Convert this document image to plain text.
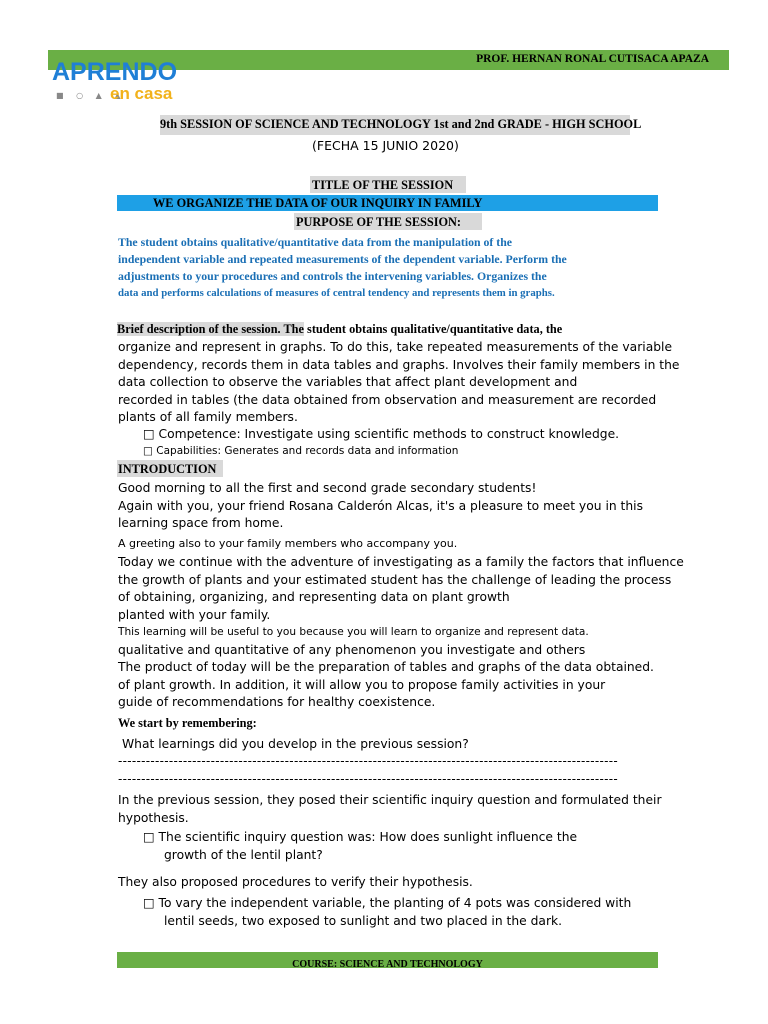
PROF. HERNAN RONAL CUTISACA APAZA
APRENDO
■ ○ ▲ ▲
en casa
9th SESSION OF SCIENCE AND TECHNOLOGY 1st and 2nd GRADE - HIGH SCHOOL
(FECHA 15 JUNIO 2020)
TITLE OF THE SESSION
WE ORGANIZE THE DATA OF OUR INQUIRY IN FAMILY
PURPOSE OF THE SESSION:
The student obtains qualitative/quantitative data from the manipulation of the
independent variable and repeated measurements of the dependent variable. Perform the
adjustments to your procedures and controls the intervening variables. Organizes the
data and performs calculations of measures of central tendency and represents them in graphs.
Brief description of the session. The student obtains qualitative/quantitative data, the
organize and represent in graphs. To do this, take repeated measurements of the variable
dependency, records them in data tables and graphs. Involves their family members in the
data collection to observe the variables that affect plant development and
recorded in tables (the data obtained from observation and measurement are recorded
plants of all family members.
□ Competence: Investigate using scientific methods to construct knowledge.
□ Capabilities: Generates and records data and information
INTRODUCTION
Good morning to all the first and second grade secondary students!
Again with you, your friend Rosana Calderón Alcas, it's a pleasure to meet you in this
learning space from home.
A greeting also to your family members who accompany you.
Today we continue with the adventure of investigating as a family the factors that influence
the growth of plants and your estimated student has the challenge of leading the process
of obtaining, organizing, and representing data on plant growth
planted with your family.
This learning will be useful to you because you will learn to organize and represent data.
qualitative and quantitative of any phenomenon you investigate and others
The product of today will be the preparation of tables and graphs of the data obtained.
of plant growth. In addition, it will allow you to propose family activities in your
guide of recommendations for healthy coexistence.
We start by remembering:
What learnings did you develop in the previous session?
------------------------------------------------------------------------------------------------------------
------------------------------------------------------------------------------------------------------------
In the previous session, they posed their scientific inquiry question and formulated their
hypothesis.
□ The scientific inquiry question was: How does sunlight influence the
growth of the lentil plant?
They also proposed procedures to verify their hypothesis.
□ To vary the independent variable, the planting of 4 pots was considered with
lentil seeds, two exposed to sunlight and two placed in the dark.
COURSE: SCIENCE AND TECHNOLOGY
